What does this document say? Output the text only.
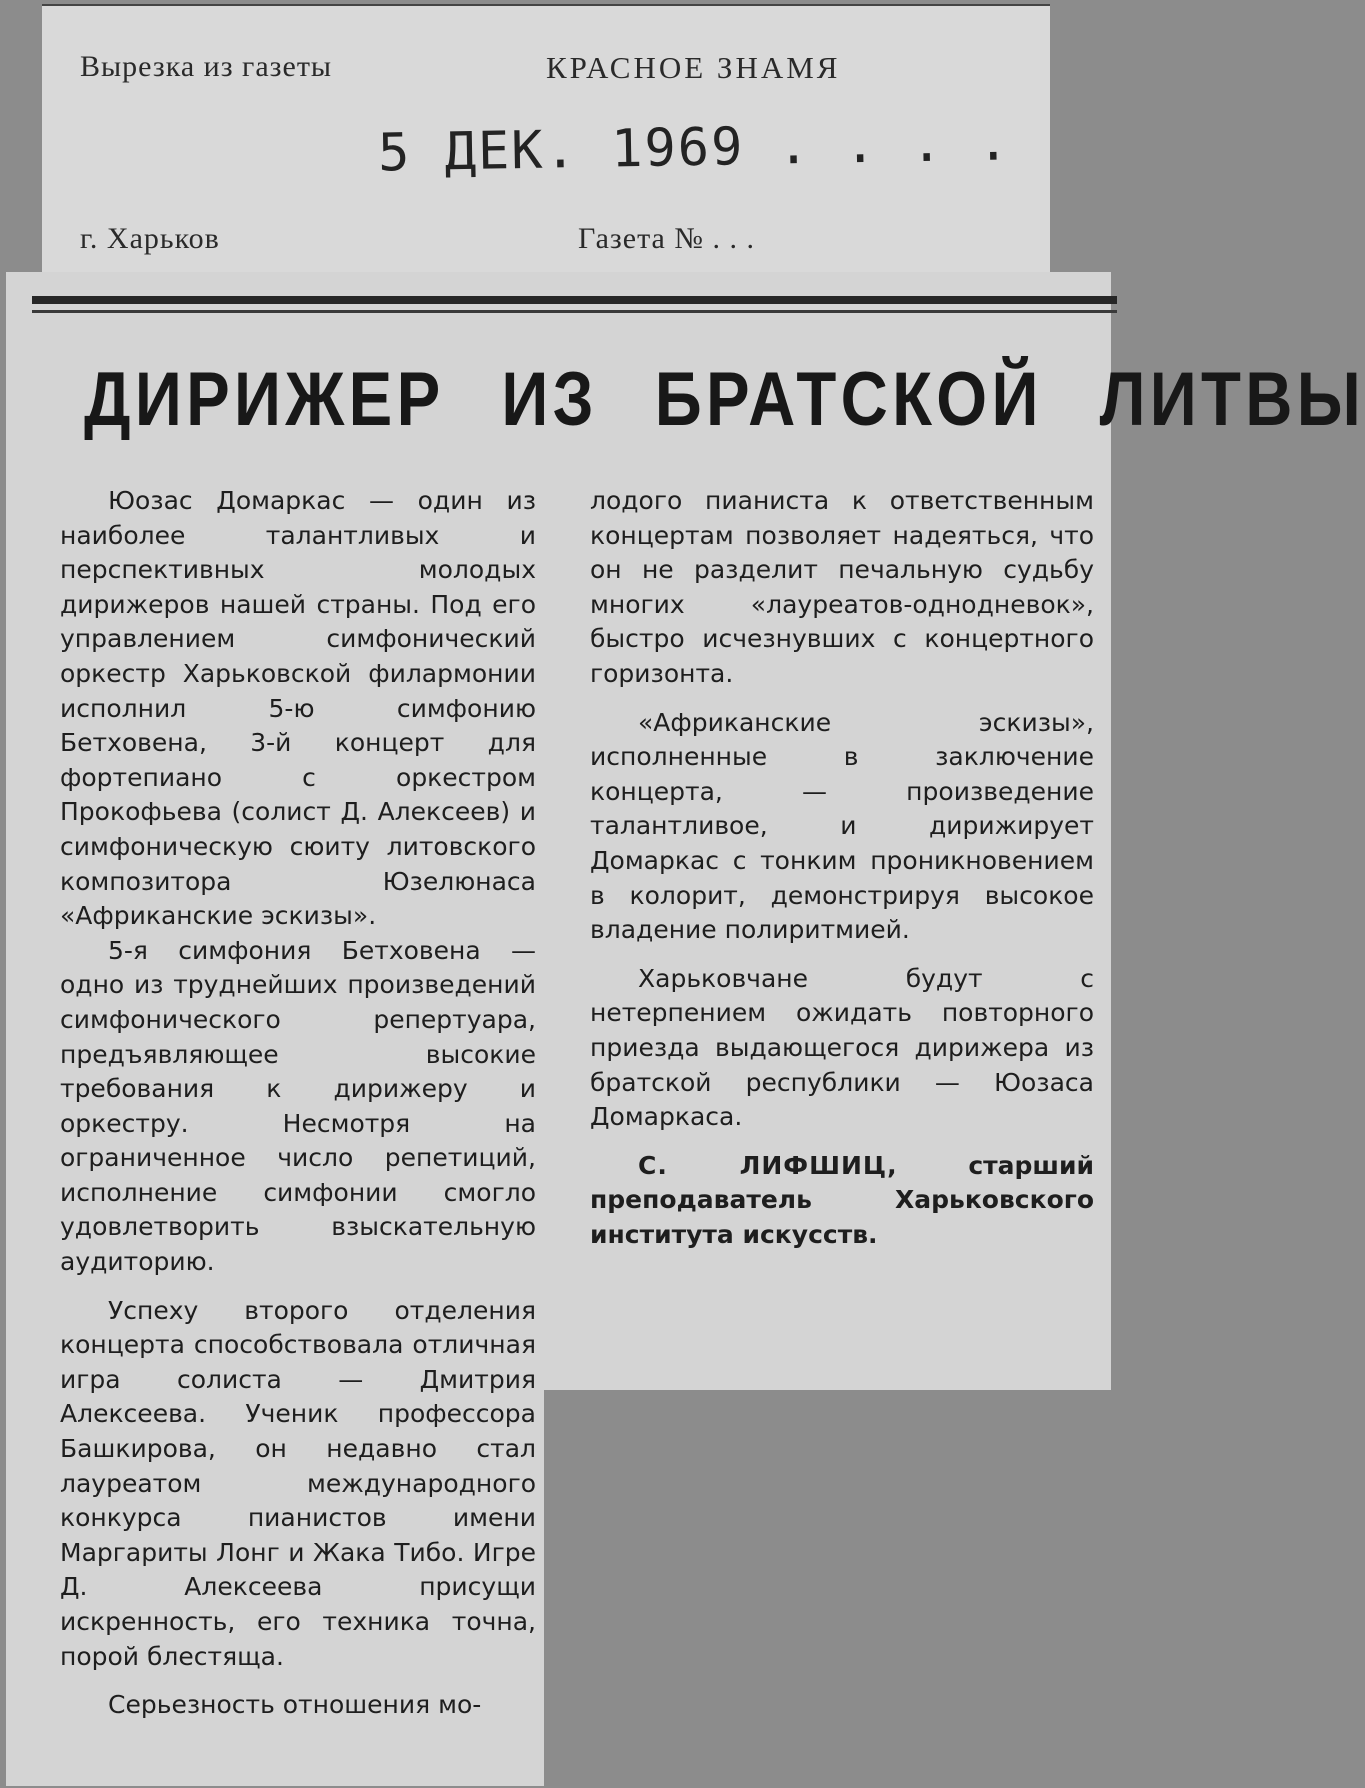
Вырезка из газеты	КРАСНОЕ ЗНАМЯ
5 ДЕК. 1969 . . . .
г. Харьков	Газета № . . .
ДИРИЖЕР ИЗ БРАТСКОЙ ЛИТВЫ

Юозас Домаркас — один из наиболее талантливых и перспективных молодых дирижеров нашей страны. Под его управлением симфонический оркестр Харьковской филармонии исполнил 5-ю симфонию Бетховена, 3-й концерт для фортепиано с оркестром Прокофьева (солист Д. Алексеев) и симфоническую сюиту литовского композитора Юзелюнаса «Африканские эскизы».

5-я симфония Бетховена — одно из труднейших произведений симфонического репертуара, предъявляющее высокие требования к дирижеру и оркестру. Несмотря на ограниченное число репетиций, исполнение симфонии смогло удовлетворить взыскательную аудиторию.

Успеху второго отделения концерта способствовала отличная игра солиста — Дмитрия Алексеева. Ученик профессора Башкирова, он недавно стал лауреатом международного конкурса пианистов имени Маргариты Лонг и Жака Тибо. Игре Д. Алексеева присущи искренность, его техника точна, порой блестяща.

Серьезность отношения мо-

лодого пианиста к ответственным концертам позволяет надеяться, что он не разделит печальную судьбу многих «лауреатов-однодневок», быстро исчезнувших с концертного горизонта.

«Африканские эскизы», исполненные в заключение концерта, — произведение талантливое, и дирижирует Домаркас с тонким проникновением в колорит, демонстрируя высокое владение полиритмией.

Харьковчане будут с нетерпением ожидать повторного приезда выдающегося дирижера из братской республики — Юозаса Домаркаса.

С. ЛИФШИЦ,	старший преподаватель Харьковского института искусств.
